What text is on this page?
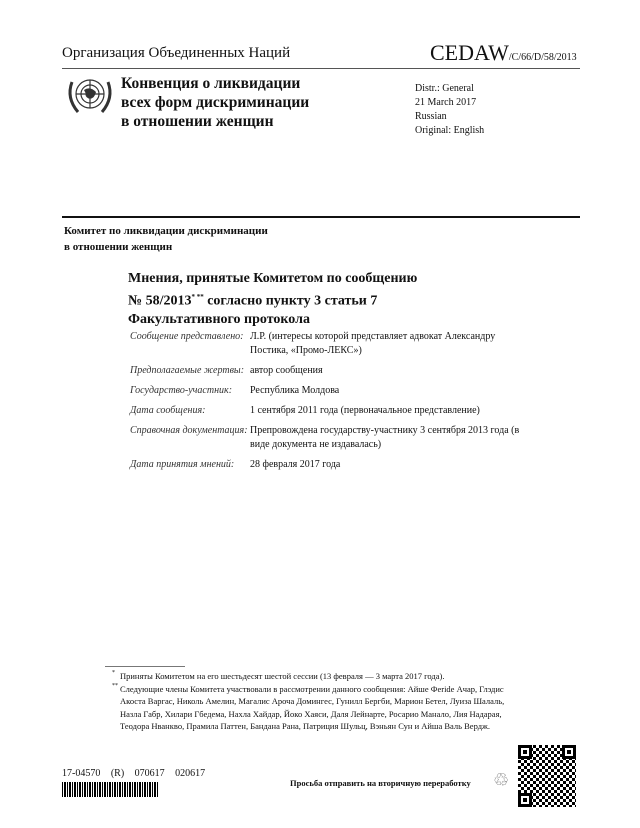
Организация Объединенных Наций	CEDAW/C/66/D/58/2013
Конвенция о ликвидации
всех форм дискриминации
в отношении женщин
Distr.: General
21 March 2017
Russian
Original: English
Комитет по ликвидации дискриминации
в отношении женщин
Мнения, принятые Комитетом по сообщению
№ 58/2013* ** согласно пункту 3 статьи 7
Факультативного протокола
Сообщение представлено: Л.Р. (интересы которой представляет адвокат Александру Постика, «Промо-ЛЕКС»)
Предполагаемые жертвы: автор сообщения
Государство-участник:	Республика Молдова
Дата сообщения:	1 сентября 2011 года (первоначальное представление)
Справочная документация: Препровождена государству-участнику 3 сентября 2013 года (в виде документа не издавалась)
Дата принятия мнений:	28 февраля 2017 года
* Приняты Комитетом на его шестьдесят шестой сессии (13 февраля — 3 марта 2017 года).
** Следующие члены Комитета участвовали в рассмотрении данного сообщения: Айше Феride Ачар, Глэдис Акоста Варгас, Николь Амелин, Магалис Ароча Домингес, Гунилл Бергби, Марион Бетел, Луиза Шалаль, Назла Габр, Хилари Гбедема, Нахла Хайдар, Йоко Хаяси, Даля Лейнарте, Росарио Манало, Лия Надарая, Теодора Нванкво, Прамила Паттен, Бандана Рана, Патриция Шульц, Вэньян Сун и Айша Валь Вердж.
17-04570 (R) 070617 020617
Просьба отправить на вторичную переработку ♲
